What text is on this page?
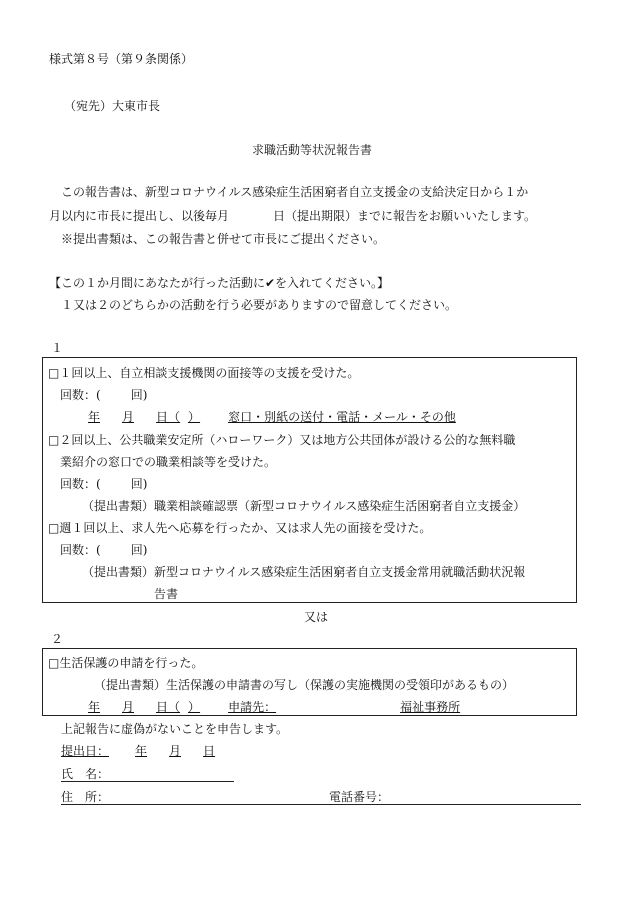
様式第８号（第９条関係）
（宛先）大東市長
求職活動等状況報告書
この報告書は、新型コロナウイルス感染症生活困窮者自立支援金の支給決定日から１か
月以内に市長に提出し、以後毎月	日（提出期限）までに報告をお願いいたします。
※提出書類は、この報告書と併せて市長にご提出ください。
【この１か月間にあなたが行った活動に✔を入れてください。】
１又は２のどちらかの活動を行う必要がありますので留意してください。
１
□１回以上、自立相談支援機関の面接等の支援を受けた。
回数：(	回)
年 月 日（ ） 窓口・別紙の送付・電話・メール・その他
□２回以上、公共職業安定所（ハローワーク）又は地方公共団体が設ける公的な無料職
業紹介の窓口での職業相談等を受けた。
回数：(	回)
（提出書類）職業相談確認票（新型コロナウイルス感染症生活困窮者自立支援金）
□週１回以上、求人先へ応募を行ったか、又は求人先の面接を受けた。
回数：(	回)
（提出書類）新型コロナウイルス感染症生活困窮者自立支援金常用就職活動状況報
告書
又は
２
□生活保護の申請を行った。
（提出書類）生活保護の申請書の写し（保護の実施機関の受領印があるもの）
年 月 日（ ） 申請先：	福祉事務所
上記報告に虚偽がないことを申告します。
提出日： 年 月 日
氏　名：
住　所：	電話番号：
